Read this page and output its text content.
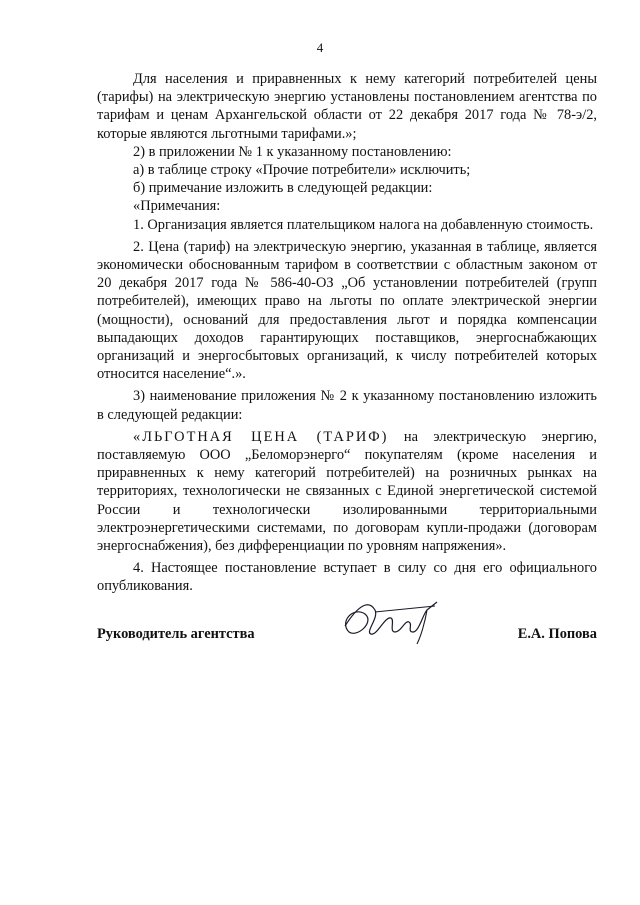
4

Для населения и приравненных к нему категорий потребителей цены (тарифы) на электрическую энергию установлены постановлением агентства по тарифам и ценам Архангельской области от 22 декабря 2017 года № 78-э/2, которые являются льготными тарифами.»;

2) в приложении № 1 к указанному постановлению:

а) в таблице строку «Прочие потребители» исключить;

б) примечание изложить в следующей редакции:

«Примечания:

1. Организация является плательщиком налога на добавленную стоимость.

2. Цена (тариф) на электрическую энергию, указанная в таблице, является экономически обоснованным тарифом в соответствии с областным законом от 20 декабря 2017 года № 586-40-ОЗ „Об установлении потребителей (групп потребителей), имеющих право на льготы по оплате электрической энергии (мощности), оснований для предоставления льгот и порядка компенсации выпадающих доходов гарантирующих поставщиков, энергоснабжающих организаций и энергосбытовых организаций, к числу потребителей которых относится население“.».

3) наименование приложения № 2 к указанному постановлению изложить в следующей редакции:

«ЛЬГОТНАЯ ЦЕНА (ТАРИФ) на электрическую энергию, поставляемую ООО „Беломорэнерго“ покупателям (кроме населения и приравненных к нему категорий потребителей) на розничных рынках на территориях, технологически не связанных с Единой энергетической системой России и технологически изолированными территориальными электроэнергетическими системами, по договорам купли-продажи (договорам энергоснабжения), без дифференциации по уровням напряжения».

4. Настоящее постановление вступает в силу со дня его официального опубликования.

Руководитель агентства	Е.А. Попова
